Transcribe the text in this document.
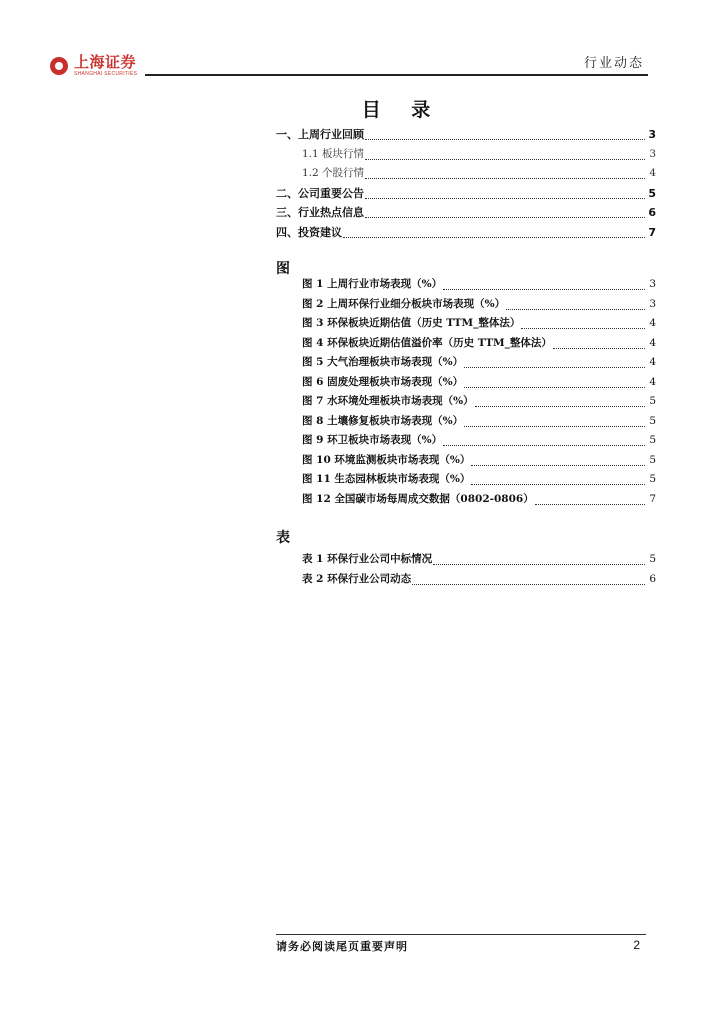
上海证券
SHANGHAI SECURITIES
行业动态
目 录
一、上周行业回顾	3
1.1 板块行情	3
1.2 个股行情	4
二、公司重要公告	5
三、行业热点信息	6
四、投资建议	7
图
图 1 上周行业市场表现（%）	3
图 2 上周环保行业细分板块市场表现（%）	3
图 3 环保板块近期估值（历史 TTM_整体法）	4
图 4 环保板块近期估值溢价率（历史 TTM_整体法）	4
图 5 大气治理板块市场表现（%）	4
图 6 固废处理板块市场表现（%）	4
图 7 水环境处理板块市场表现（%）	5
图 8 土壤修复板块市场表现（%）	5
图 9 环卫板块市场表现（%）	5
图 10 环境监测板块市场表现（%）	5
图 11 生态园林板块市场表现（%）	5
图 12 全国碳市场每周成交数据（0802-0806）	7
表
表 1 环保行业公司中标情况	5
表 2 环保行业公司动态	6
请务必阅读尾页重要声明	2
